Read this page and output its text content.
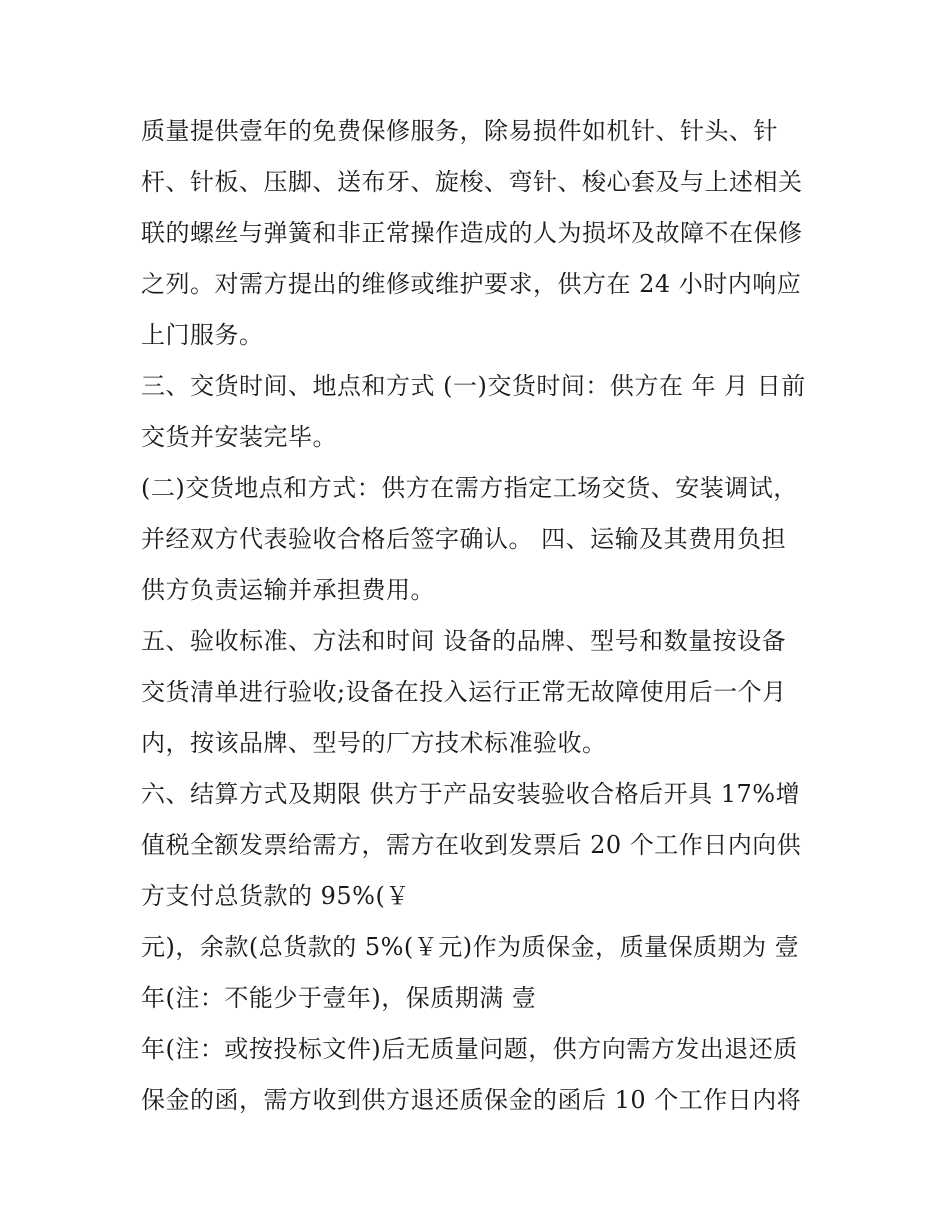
质量提供壹年的免费保修服务，除易损件如机针、针头、针
杆、针板、压脚、送布牙、旋梭、弯针、梭心套及与上述相关
联的螺丝与弹簧和非正常操作造成的人为损坏及故障不在保修
之列。对需方提出的维修或维护要求，供方在 24 小时内响应
上门服务。
三、交货时间、地点和方式 (一)交货时间：供方在 年 月 日前
交货并安装完毕。
(二)交货地点和方式：供方在需方指定工场交货、安装调试，
并经双方代表验收合格后签字确认。 四、运输及其费用负担
供方负责运输并承担费用。
五、验收标准、方法和时间 设备的品牌、型号和数量按设备
交货清单进行验收;设备在投入运行正常无故障使用后一个月
内，按该品牌、型号的厂方技术标准验收。
六、结算方式及期限 供方于产品安装验收合格后开具 17%增
值税全额发票给需方，需方在收到发票后 20 个工作日内向供
方支付总货款的 95%(￥
元)，余款(总货款的 5%(￥元)作为质保金，质量保质期为 壹
年(注：不能少于壹年)，保质期满 壹
年(注：或按投标文件)后无质量问题，供方向需方发出退还质
保金的函，需方收到供方退还质保金的函后 10 个工作日内将
